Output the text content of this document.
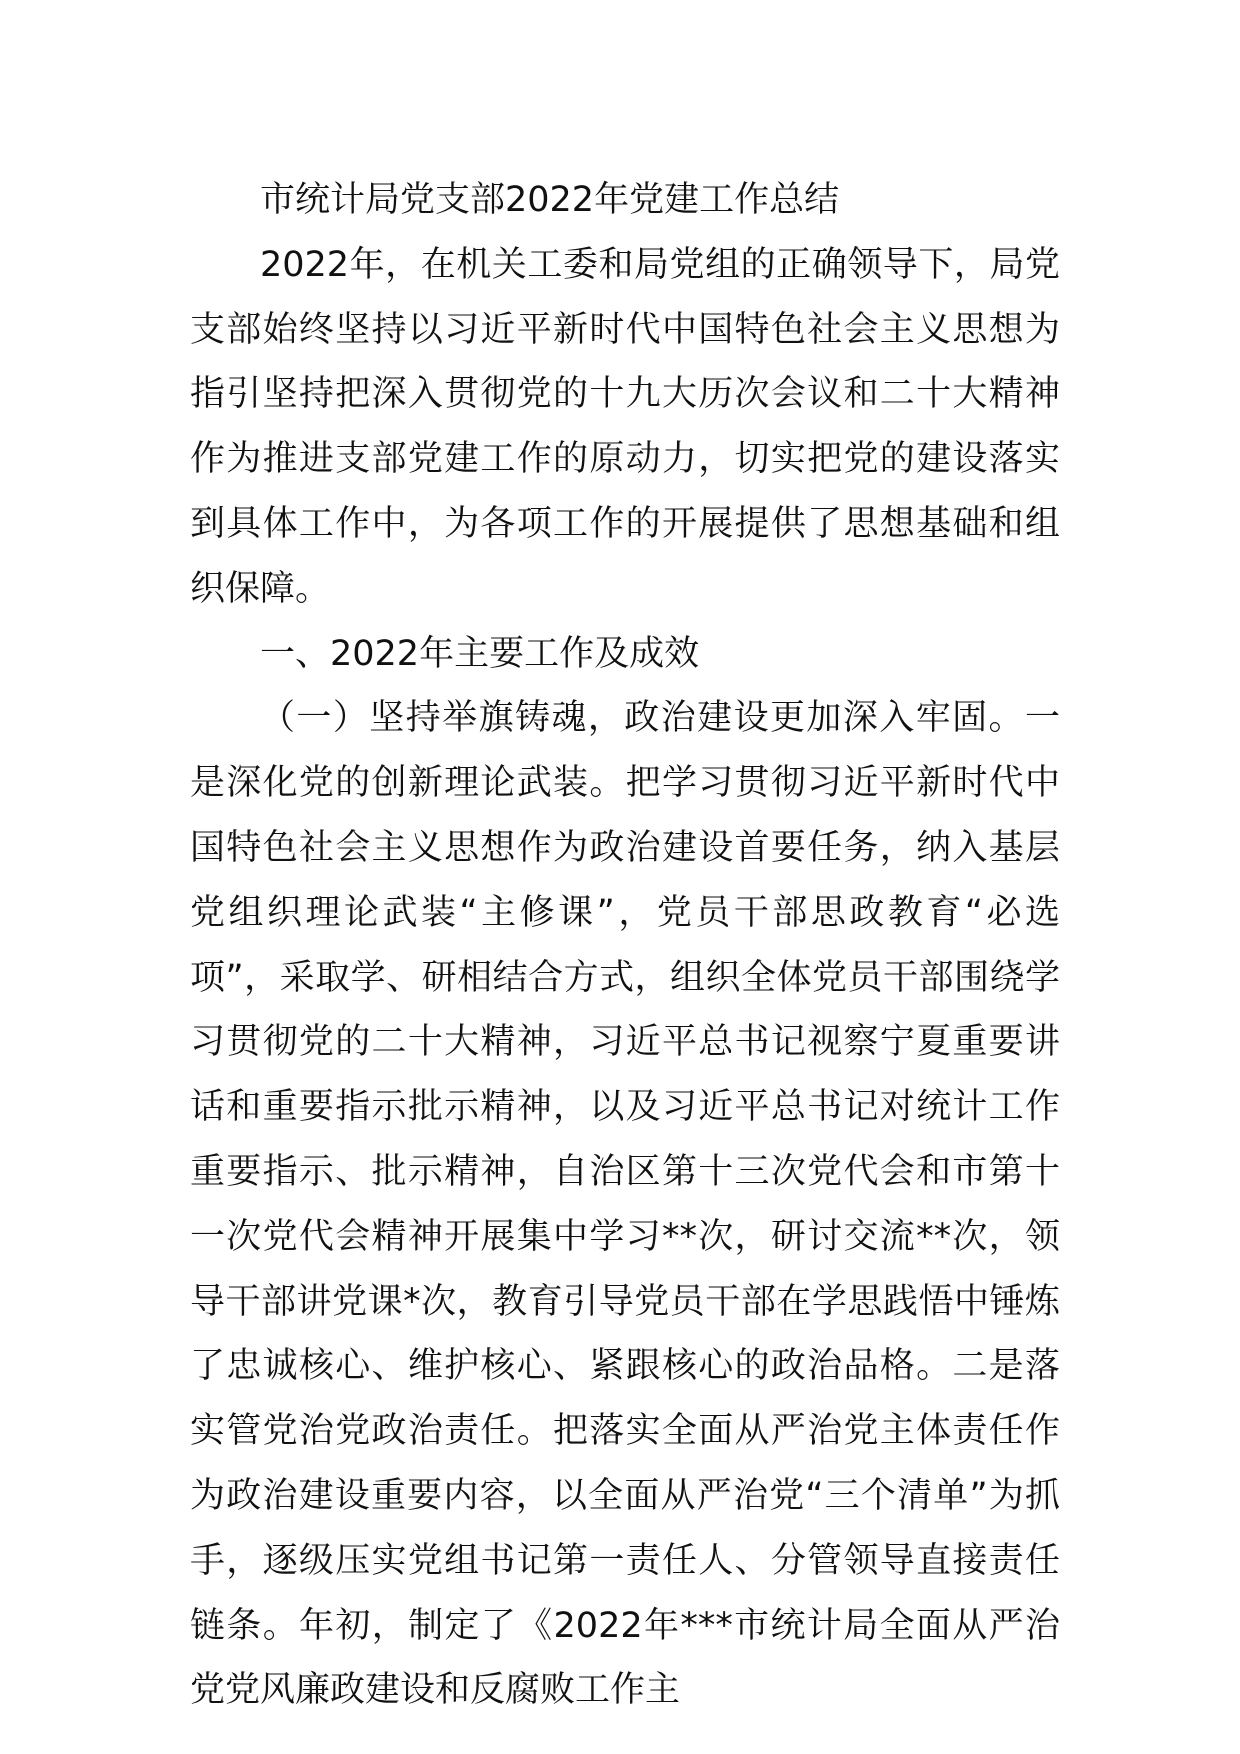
市统计局党支部2022年党建工作总结

2022年，在机关工委和局党组的正确领导下，局党支部始终坚持以习近平新时代中国特色社会主义思想为指引坚持把深入贯彻党的十九大历次会议和二十大精神作为推进支部党建工作的原动力，切实把党的建设落实到具体工作中，为各项工作的开展提供了思想基础和组织保障。

一、2022年主要工作及成效

（一）坚持举旗铸魂，政治建设更加深入牢固。一是深化党的创新理论武装。把学习贯彻习近平新时代中国特色社会主义思想作为政治建设首要任务，纳入基层党组织理论武装“主修课”，党员干部思政教育“必选项”，采取学、研相结合方式，组织全体党员干部围绕学习贯彻党的二十大精神，习近平总书记视察宁夏重要讲话和重要指示批示精神，以及习近平总书记对统计工作重要指示、批示精神，自治区第十三次党代会和市第十一次党代会精神开展集中学习**次，研讨交流**次，领导干部讲党课*次，教育引导党员干部在学思践悟中锤炼了忠诚核心、维护核心、紧跟核心的政治品格。二是落实管党治党政治责任。把落实全面从严治党主体责任作为政治建设重要内容，以全面从严治党“三个清单”为抓手，逐级压实党组书记第一责任人、分管领导直接责任链条。年初，制定了《2022年***市统计局全面从严治党党风廉政建设和反腐败工作主
